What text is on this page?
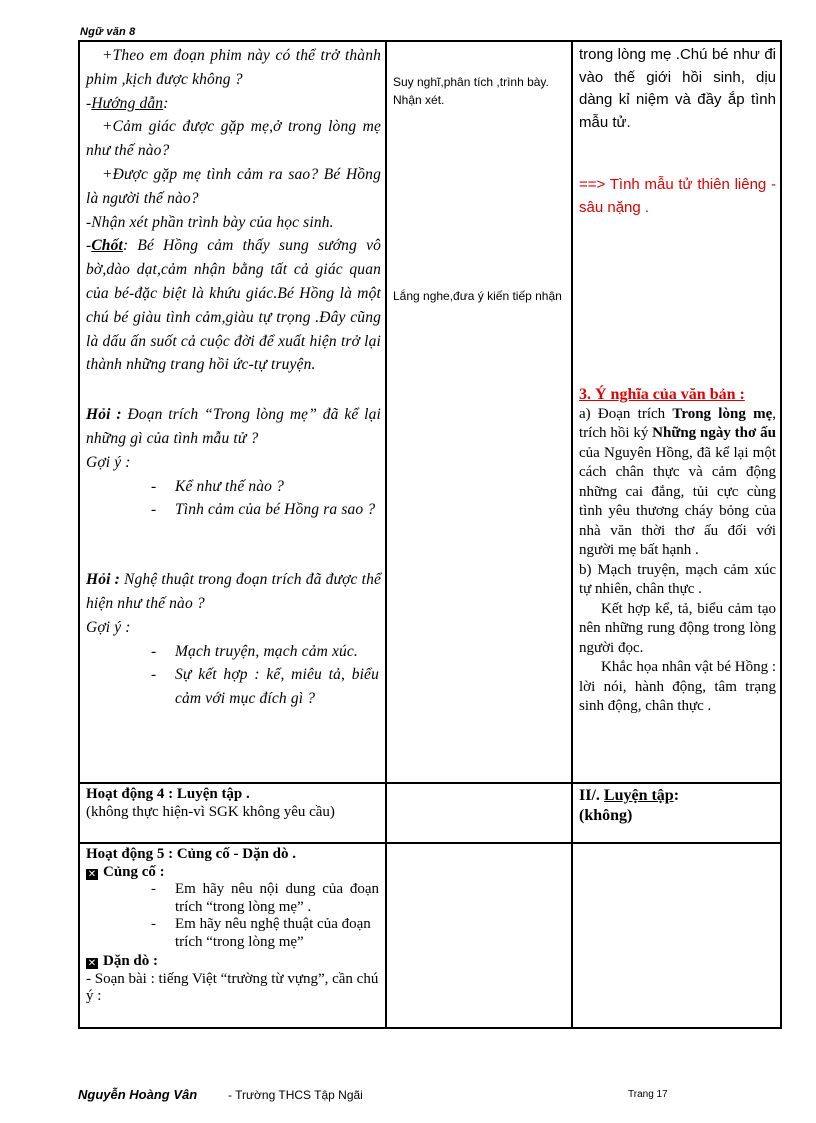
Ngữ văn 8

+Theo em đoạn phim này có thể trở thành phim ,kịch được không ?

-Hướng dẫn:

+Cảm giác được gặp mẹ,ở trong lòng mẹ như thế nào?

+Được gặp mẹ tình cảm ra sao? Bé Hồng là người thế nào?

-Nhận xét phần trình bày của học sinh.

-Chốt: Bé Hồng cảm thấy sung sướng vô bờ,dào dạt,cảm nhận bằng tất cả giác quan của bé-đặc biệt là khứu giác.Bé Hồng là một chú bé giàu tình cảm,giàu tự trọng .Đây cũng là dấu ấn suốt cả cuộc đời để xuất hiện trở lại thành những trang hồi ức-tự truyện.

Hỏi : Đoạn trích “Trong lòng mẹ” đã kể lại những gì của tình mẫu tử ?

Gợi ý :

- Kể như thế nào ?
- Tình cảm của bé Hồng ra sao ?

Hỏi : Nghệ thuật trong đoạn trích đã được thể hiện như thế nào ?

Gợi ý :

- Mạch truyện, mạch cảm xúc.
- Sự kết hợp : kể, miêu tả, biểu cảm với mục đích gì ?

Suy nghĩ,phân tích ,trình bày.

Nhận xét.

Lắng nghe,đưa ý kiến tiếp nhận

trong lòng mẹ .Chú bé như đi vào thế giới hồi sinh, dịu dàng kỉ niệm và đầy ắp tình mẫu tử.

==> Tình mẫu tử thiên liêng - sâu nặng .

3. Ý nghĩa của văn bản :

a) Đoạn trích Trong lòng mẹ, trích hồi ký Những ngày thơ ấu của Nguyên Hồng, đã kể lại một cách chân thực và cảm động những cai đắng, tủi cực cùng tình yêu thương cháy bỏng của nhà văn thời thơ ấu đối với người mẹ bất hạnh .

b) Mạch truyện, mạch cảm xúc tự nhiên, chân thực .

Kết hợp kể, tả, biểu cảm tạo nên những rung động trong lòng người đọc.

Khắc họa nhân vật bé Hồng : lời nói, hành động, tâm trạng sinh động, chân thực .

Hoạt động 4 : Luyện tập .

(không thực hiện-vì SGK không yêu cầu)

II/. Luyện tập:

(không)

Hoạt động 5 : Củng cố - Dặn dò .

✕ Củng cố :

- Em hãy nêu nội dung của đoạn trích “trong lòng mẹ” .
- Em hãy nêu nghệ thuật của đoạn trích “trong lòng mẹ”

✕ Dặn dò :

- Soạn bài : tiếng Việt “trường từ vựng”, cần chú ý :

Nguyễn Hoàng Vân	- Trường THCS Tập Ngãi	Trang 17
